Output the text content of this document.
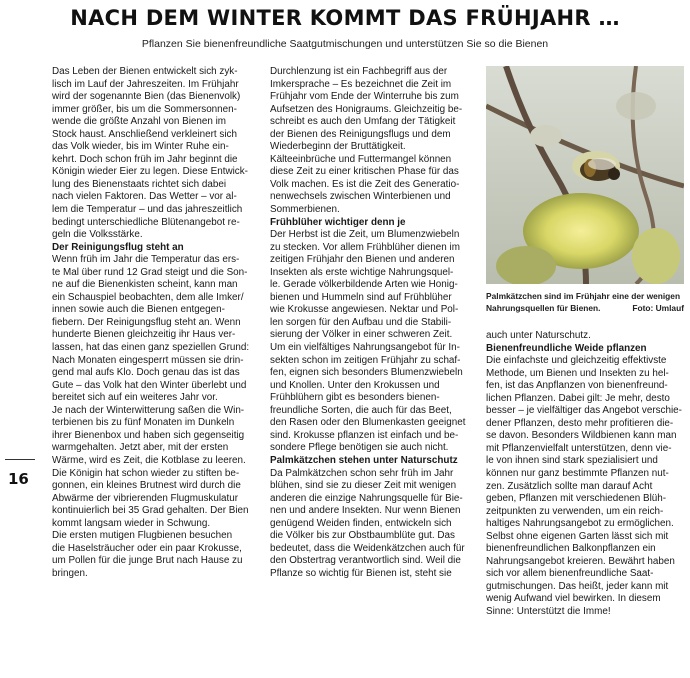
NACH DEM WINTER KOMMT DAS FRÜHJAHR …
Pflanzen Sie bienenfreundliche Saatgutmischungen und unterstützen Sie so die Bienen
Das Leben der Bienen entwickelt sich zyk-
lisch im Lauf der Jahreszeiten. Im Frühjahr
wird der sogenannte Bien (das Bienenvolk)
immer größer, bis um die Sommersonnen-
wende die größte Anzahl von Bienen im
Stock haust. Anschließend verkleinert sich
das Volk wieder, bis im Winter Ruhe ein-
kehrt. Doch schon früh im Jahr beginnt die
Königin wieder Eier zu legen. Diese Entwick-
lung des Bienenstaats richtet sich dabei
nach vielen Faktoren. Das Wetter – vor al-
lem die Temperatur – und das jahreszeitlich
bedingt unterschiedliche Blütenangebot re-
geln die Volksstärke.
Der Reinigungsflug steht an
Wenn früh im Jahr die Temperatur das ers-
te Mal über rund 12 Grad steigt und die Son-
ne auf die Bienenkisten scheint, kann man
ein Schauspiel beobachten, dem alle Imker/
innen sowie auch die Bienen entgegen-
fiebern. Der Reinigungsflug steht an. Wenn
hunderte Bienen gleichzeitig ihr Haus ver-
lassen, hat das einen ganz speziellen Grund:
Nach Monaten eingesperrt müssen sie drin-
gend mal aufs Klo. Doch genau das ist das
Gute – das Volk hat den Winter überlebt und
bereitet sich auf ein weiteres Jahr vor.
Je nach der Winterwitterung saßen die Win-
terbienen bis zu fünf Monaten im Dunkeln
ihrer Bienenbox und haben sich gegenseitig
warmgehalten. Jetzt aber, mit der ersten
Wärme, wird es Zeit, die Kotblase zu leeren.
Die Königin hat schon wieder zu stiften be-
gonnen, ein kleines Brutnest wird durch die
Abwärme der vibrierenden Flugmuskulatur
kontinuierlich bei 35 Grad gehalten. Der Bien
kommt langsam wieder in Schwung.
Die ersten mutigen Flugbienen besuchen
die Haselsträucher oder ein paar Krokusse,
um Pollen für die junge Brut nach Hause zu
bringen.
Durchlenzung ist ein Fachbegriff aus der
Imkersprache – Es bezeichnet die Zeit im
Frühjahr vom Ende der Winterruhe bis zum
Aufsetzen des Honigraums. Gleichzeitig be-
schreibt es auch den Umfang der Tätigkeit
der Bienen des Reinigungsflugs und dem
Wiederbeginn der Bruttätigkeit.
Kälteeinbrüche und Futtermangel können
diese Zeit zu einer kritischen Phase für das
Volk machen. Es ist die Zeit des Generatio-
nenwechsels zwischen Winterbienen und
Sommerbienen.
Frühblüher wichtiger denn je
Der Herbst ist die Zeit, um Blumenzwiebeln
zu stecken. Vor allem Frühblüher dienen im
zeitigen Frühjahr den Bienen und anderen
Insekten als erste wichtige Nahrungsquel-
le. Gerade völkerbildende Arten wie Honig-
bienen und Hummeln sind auf Frühblüher
wie Krokusse angewiesen. Nektar und Pol-
len sorgen für den Aufbau und die Stabili-
sierung der Völker in einer schweren Zeit.
Um ein vielfältiges Nahrungsangebot für In-
sekten schon im zeitigen Frühjahr zu schaf-
fen, eignen sich besonders Blumenzwiebeln
und Knollen. Unter den Krokussen und
Frühblühern gibt es besonders bienen-
freundliche Sorten, die auch für das Beet,
den Rasen oder den Blumenkasten geeignet
sind. Krokusse pflanzen ist einfach und be-
sondere Pflege benötigen sie auch nicht.
Palmkätzchen stehen unter Naturschutz
Da Palmkätzchen schon sehr früh im Jahr
blühen, sind sie zu dieser Zeit mit wenigen
anderen die einzige Nahrungsquelle für Bie-
nen und andere Insekten. Nur wenn Bienen
genügend Weiden finden, entwickeln sich
die Völker bis zur Obstbaumblüte gut. Das
bedeutet, dass die Weidenkätzchen auch für
den Obstertrag verantwortlich sind. Weil die
Pflanze so wichtig für Bienen ist, steht sie
Palmkätzchen sind im Frühjahr eine der wenigen
Nahrungsquellen für Bienen.	Foto: Umlauf
auch unter Naturschutz.
Bienenfreundliche Weide pflanzen
Die einfachste und gleichzeitig effektivste
Methode, um Bienen und Insekten zu hel-
fen, ist das Anpflanzen von bienenfreund-
lichen Pflanzen. Dabei gilt: Je mehr, desto
besser – je vielfältiger das Angebot verschie-
dener Pflanzen, desto mehr profitieren die-
se davon. Besonders Wildbienen kann man
mit Pflanzenvielfalt unterstützen, denn vie-
le von ihnen sind stark spezialisiert und
können nur ganz bestimmte Pflanzen nut-
zen. Zusätzlich sollte man darauf Acht
geben, Pflanzen mit verschiedenen Blüh-
zeitpunkten zu verwenden, um ein reich-
haltiges Nahrungsangebot zu ermöglichen.
Selbst ohne eigenen Garten lässt sich mit
bienenfreundlichen Balkonpflanzen ein
Nahrungsangebot kreieren. Bewährt haben
sich vor allem bienenfreundliche Saat-
gutmischungen. Das heißt, jeder kann mit
wenig Aufwand viel bewirken. In diesem
Sinne: Unterstützt die Imme!
16
